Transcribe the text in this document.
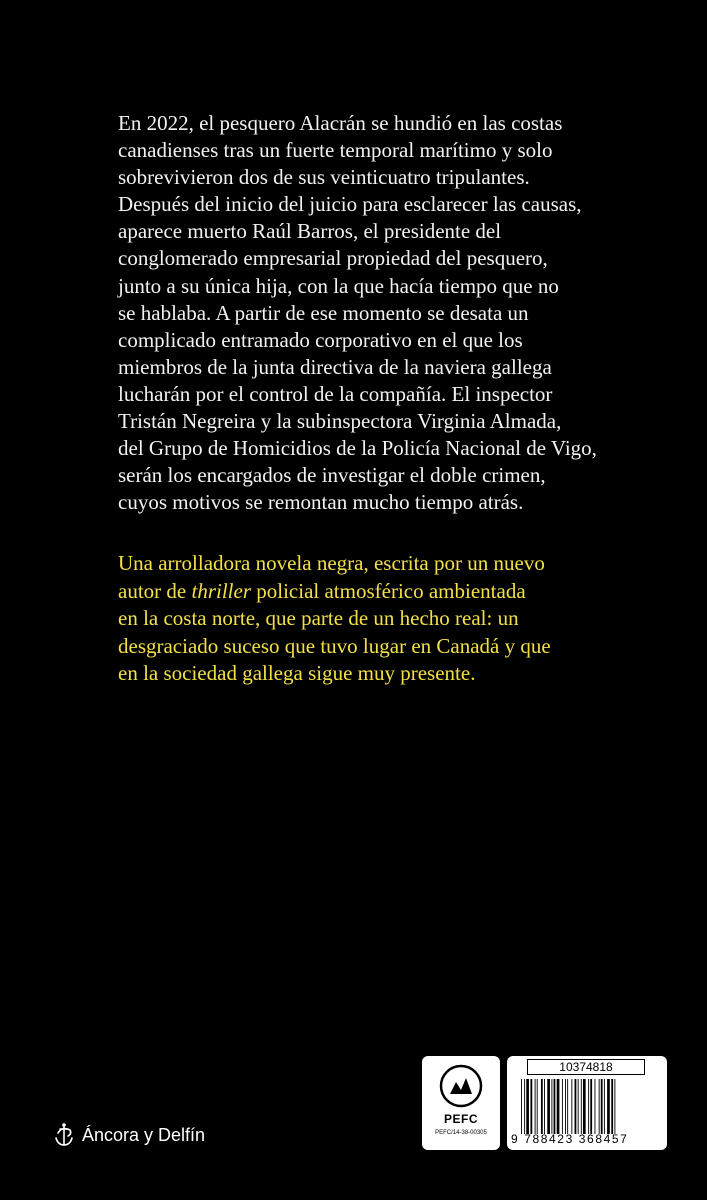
En 2022, el pesquero Alacrán se hundió en las costas
canadienses tras un fuerte temporal marítimo y solo
sobrevivieron dos de sus veinticuatro tripulantes.
Después del inicio del juicio para esclarecer las causas,
aparece muerto Raúl Barros, el presidente del
conglomerado empresarial propiedad del pesquero,
junto a su única hija, con la que hacía tiempo que no
se hablaba. A partir de ese momento se desata un
complicado entramado corporativo en el que los
miembros de la junta directiva de la naviera gallega
lucharán por el control de la compañía. El inspector
Tristán Negreira y la subinspectora Virginia Almada,
del Grupo de Homicidios de la Policía Nacional de Vigo,
serán los encargados de investigar el doble crimen,
cuyos motivos se remontan mucho tiempo atrás.

Una arrolladora novela negra, escrita por un nuevo
autor de thriller policial atmosférico ambientada
en la costa norte, que parte de un hecho real: un
desgraciado suceso que tuvo lugar en Canadá y que
en la sociedad gallega sigue muy presente.

Áncora y Delfín
PEFC
PEFC/14-38-00305
10374818
9 788423 368457
